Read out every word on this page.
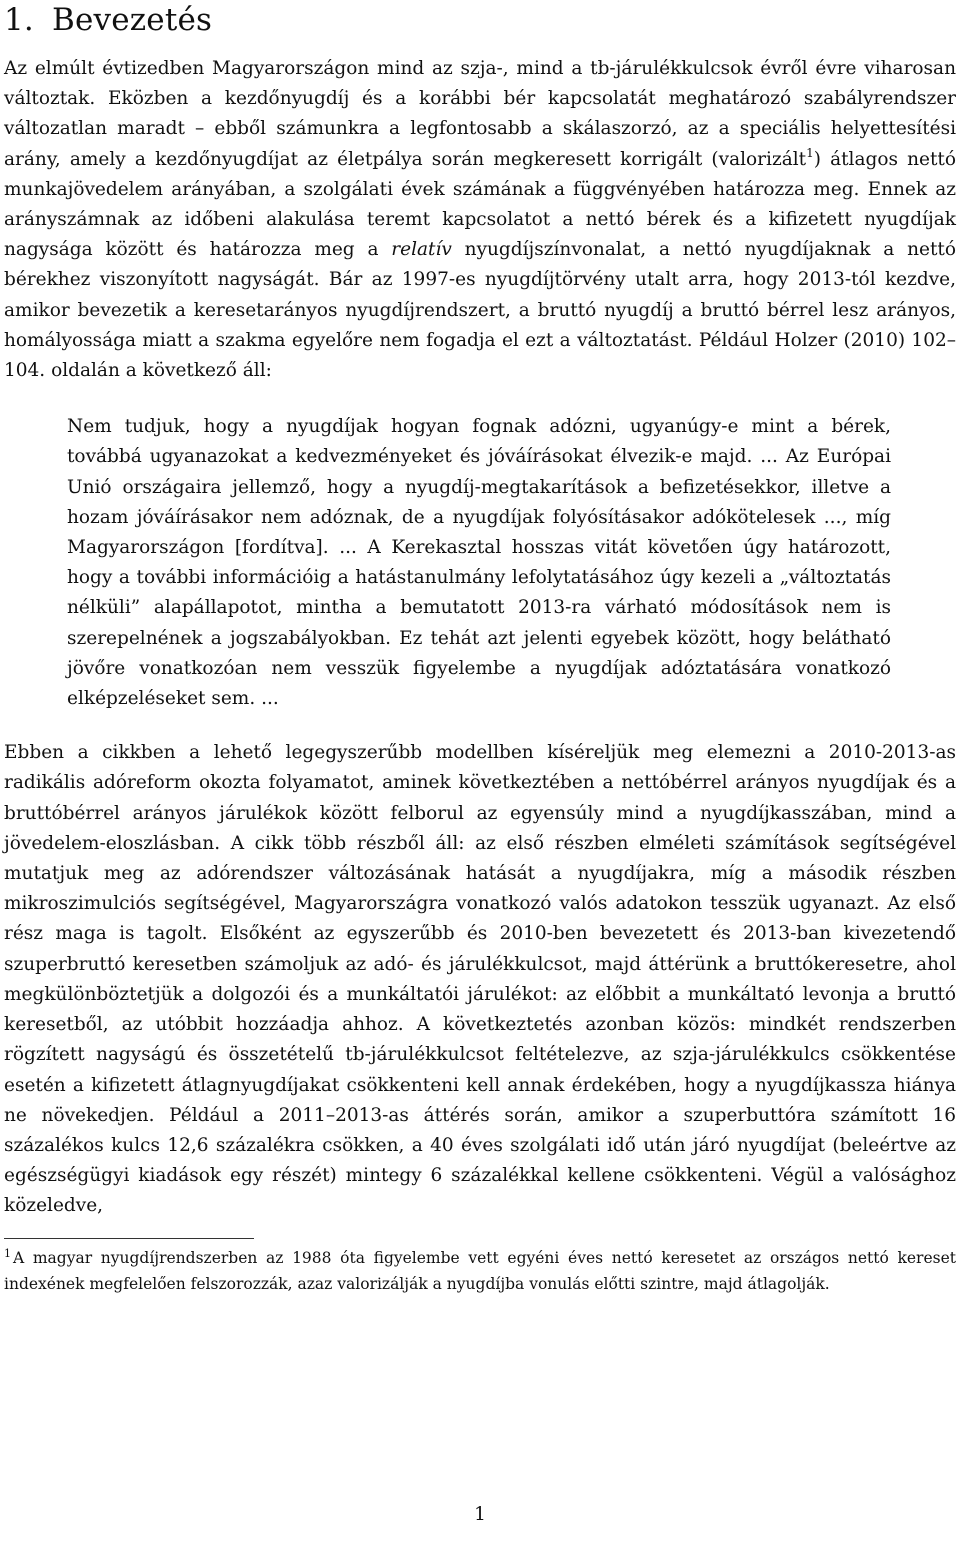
1. Bevezetés

Az elmúlt évtizedben Magyarországon mind az szja-, mind a tb-járulékkulcsok évről évre viharosan változtak. Eközben a kezdőnyugdíj és a korábbi bér kapcsolatát meghatározó szabályrendszer változatlan maradt – ebből számunkra a legfontosabb a skálaszorzó, az a speciális helyettesítési arány, amely a kezdőnyugdíjat az életpálya során megkeresett korrigált (valorizált$^1$) átlagos nettó munkajövedelem arányában, a szolgálati évek számának a függvényében határozza meg. Ennek az arányszámnak az időbeni alakulása teremt kapcsolatot a nettó bérek és a kifizetett nyugdíjak nagysága között és határozza meg a relatív nyugdíjszínvonalat, a nettó nyugdíjaknak a nettó bérekhez viszonyított nagyságát. Bár az 1997-es nyugdíjtörvény utalt arra, hogy 2013-tól kezdve, amikor bevezetik a keresetarányos nyugdíjrendszert, a bruttó nyugdíj a bruttó bérrel lesz arányos, homályossága miatt a szakma egyelőre nem fogadja el ezt a változtatást. Például Holzer (2010) 102–104. oldalán a következő áll:

Nem tudjuk, hogy a nyugdíjak hogyan fognak adózni, ugyanúgy-e mint a bérek, továbbá ugyanazokat a kedvezményeket és jóváírásokat élvezik-e majd. ... Az Európai Unió országaira jellemző, hogy a nyugdíj-megtakarítások a befizetésekkor, illetve a hozam jóváírásakor nem adóznak, de a nyugdíjak folyósításakor adókötelesek ..., míg Magyarországon [fordítva]. ... A Kerekasztal hosszas vitát követően úgy határozott, hogy a további információig a hatástanulmány lefolytatásához úgy kezeli a „változtatás nélküli” alapállapotot, mintha a bemutatott 2013-ra várható módosítások nem is szerepelnének a jogszabályokban. Ez tehát azt jelenti egyebek között, hogy belátható jövőre vonatkozóan nem vesszük figyelembe a nyugdíjak adóztatására vonatkozó elképzeléseket sem. ...

Ebben a cikkben a lehető legegyszerűbb modellben kíséreljük meg elemezni a 2010-2013-as radikális adóreform okozta folyamatot, aminek következtében a nettóbérrel arányos nyugdíjak és a bruttóbérrel arányos járulékok között felborul az egyensúly mind a nyugdíjkasszában, mind a jövedelem-eloszlásban. A cikk több részből áll: az első részben elméleti számítások segítségével mutatjuk meg az adórendszer változásának hatását a nyugdíjakra, míg a második részben mikroszimulciós segítségével, Magyarországra vonatkozó valós adatokon tesszük ugyanazt. Az első rész maga is tagolt. Elsőként az egyszerűbb és 2010-ben bevezetett és 2013-ban kivezetendő szuperbruttó keresetben számoljuk az adó- és járulékkulcsot, majd áttérünk a bruttókeresetre, ahol megkülönböztetjük a dolgozói és a munkáltatói járulékot: az előbbit a munkáltató levonja a bruttó keresetből, az utóbbit hozzáadja ahhoz. A következtetés azonban közös: mindkét rendszerben rögzített nagyságú és összetételű tb-járulékkulcsot feltételezve, az szja-járulékkulcs csökkentése esetén a kifizetett átlagnyugdíjakat csökkenteni kell annak érdekében, hogy a nyugdíjkassza hiánya ne növekedjen. Például a 2011–2013-as áttérés során, amikor a szuperbuttóra számított 16 százalékos kulcs 12,6 százalékra csökken, a 40 éves szolgálati idő után járó nyugdíjat (beleértve az egészségügyi kiadások egy részét) mintegy 6 százalékkal kellene csökkenteni. Végül a valósághoz közeledve,

$^1$ A magyar nyugdíjrendszerben az 1988 óta figyelembe vett egyéni éves nettó keresetet az országos nettó kereset indexének megfelelően felszorozzák, azaz valorizálják a nyugdíjba vonulás előtti szintre, majd átlagolják.
1
